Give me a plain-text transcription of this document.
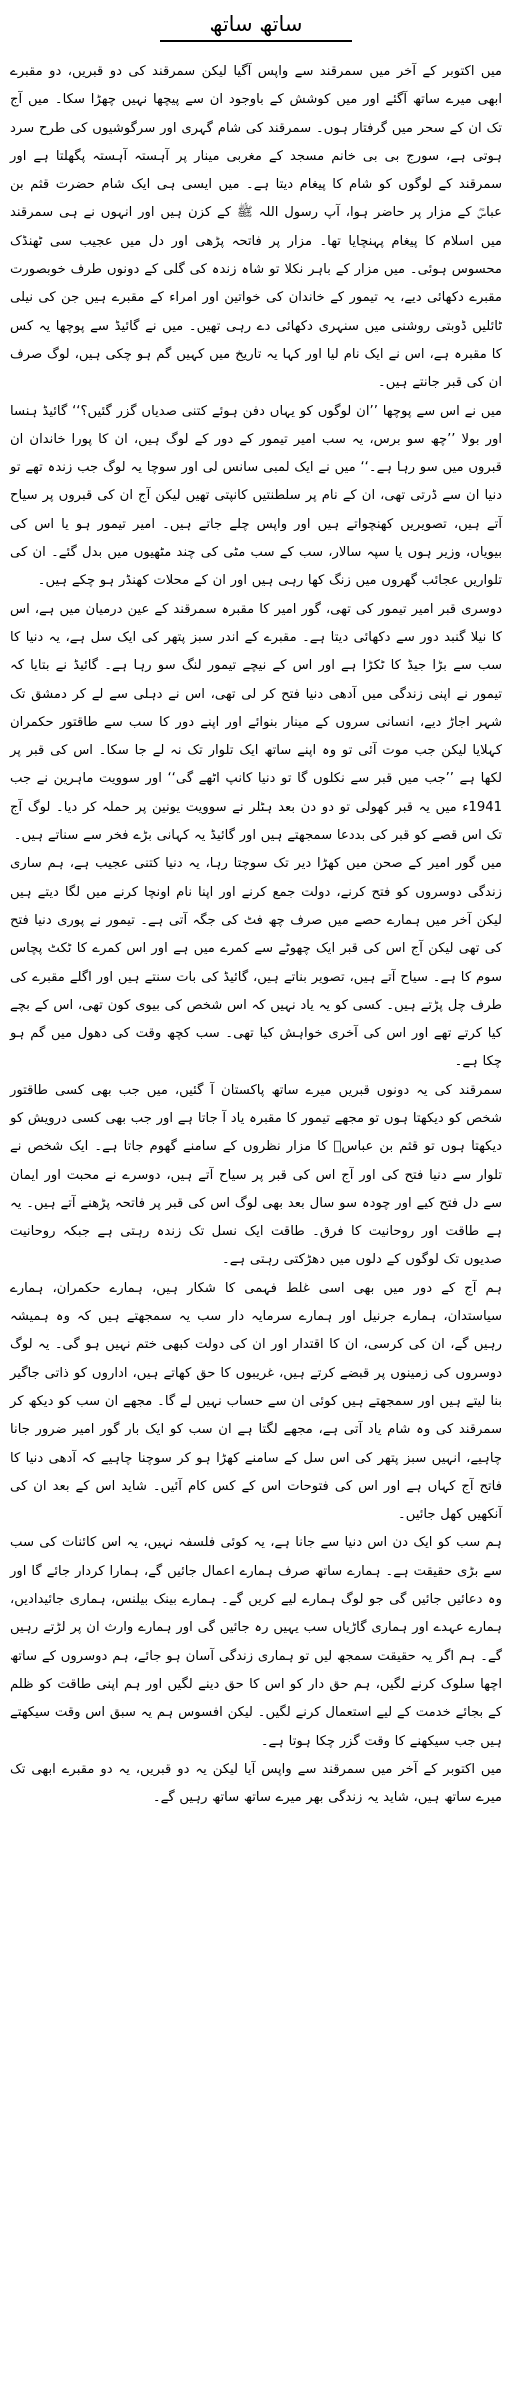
ساتھ ساتھ

میں اکتوبر کے آخر میں سمرقند سے واپس آگیا لیکن سمرقند کی دو قبریں، دو مقبرے ابھی میرے ساتھ آگئے اور میں کوشش کے باوجود ان سے پیچھا نہیں چھڑا سکا۔ میں آج تک ان کے سحر میں گرفتار ہوں۔ سمرقند کی شام گہری اور سرگوشیوں کی طرح سرد ہوتی ہے، سورج بی بی خانم مسجد کے مغربی مینار پر آہستہ آہستہ پگھلتا ہے اور سمرقند کے لوگوں کو شام کا پیغام دیتا ہے۔ میں ایسی ہی ایک شام حضرت قثم بن عباسؓ کے مزار پر حاضر ہوا، آپ رسول اللہ ﷺ کے کزن ہیں اور انہوں نے ہی سمرقند میں اسلام کا پیغام پہنچایا تھا۔ مزار پر فاتحہ پڑھی اور دل میں عجیب سی ٹھنڈک محسوس ہوئی۔ میں مزار کے باہر نکلا تو شاہ زندہ کی گلی کے دونوں طرف خوبصورت مقبرے دکھائی دیے، یہ تیمور کے خاندان کی خواتین اور امراء کے مقبرے ہیں جن کی نیلی ٹائلیں ڈوبتی روشنی میں سنہری دکھائی دے رہی تھیں۔ میں نے گائیڈ سے پوچھا یہ کس کا مقبرہ ہے، اس نے ایک نام لیا اور کہا یہ تاریخ میں کہیں گم ہو چکی ہیں، لوگ صرف ان کی قبر جانتے ہیں۔

میں نے اس سے پوچھا ’’ان لوگوں کو یہاں دفن ہوئے کتنی صدیاں گزر گئیں؟‘‘ گائیڈ ہنسا اور بولا ’’چھ سو برس، یہ سب امیر تیمور کے دور کے لوگ ہیں، ان کا پورا خاندان ان قبروں میں سو رہا ہے۔‘‘ میں نے ایک لمبی سانس لی اور سوچا یہ لوگ جب زندہ تھے تو دنیا ان سے ڈرتی تھی، ان کے نام پر سلطنتیں کانپتی تھیں لیکن آج ان کی قبروں پر سیاح آتے ہیں، تصویریں کھنچواتے ہیں اور واپس چلے جاتے ہیں۔ امیر تیمور ہو یا اس کی بیویاں، وزیر ہوں یا سپہ سالار، سب کے سب مٹی کی چند مٹھیوں میں بدل گئے۔ ان کی تلواریں عجائب گھروں میں زنگ کھا رہی ہیں اور ان کے محلات کھنڈر ہو چکے ہیں۔

دوسری قبر امیر تیمور کی تھی، گور امیر کا مقبرہ سمرقند کے عین درمیان میں ہے، اس کا نیلا گنبد دور سے دکھائی دیتا ہے۔ مقبرے کے اندر سبز پتھر کی ایک سل ہے، یہ دنیا کا سب سے بڑا جیڈ کا ٹکڑا ہے اور اس کے نیچے تیمور لنگ سو رہا ہے۔ گائیڈ نے بتایا کہ تیمور نے اپنی زندگی میں آدھی دنیا فتح کر لی تھی، اس نے دہلی سے لے کر دمشق تک شہر اجاڑ دیے، انسانی سروں کے مینار بنوائے اور اپنے دور کا سب سے طاقتور حکمران کہلایا لیکن جب موت آئی تو وہ اپنے ساتھ ایک تلوار تک نہ لے جا سکا۔ اس کی قبر پر لکھا ہے ’’جب میں قبر سے نکلوں گا تو دنیا کانپ اٹھے گی‘‘ اور سوویت ماہرین نے جب 1941ء میں یہ قبر کھولی تو دو دن بعد ہٹلر نے سوویت یونین پر حملہ کر دیا۔ لوگ آج تک اس قصے کو قبر کی بددعا سمجھتے ہیں اور گائیڈ یہ کہانی بڑے فخر سے سناتے ہیں۔

میں گور امیر کے صحن میں کھڑا دیر تک سوچتا رہا، یہ دنیا کتنی عجیب ہے، ہم ساری زندگی دوسروں کو فتح کرنے، دولت جمع کرنے اور اپنا نام اونچا کرنے میں لگا دیتے ہیں لیکن آخر میں ہمارے حصے میں صرف چھ فٹ کی جگہ آتی ہے۔ تیمور نے پوری دنیا فتح کی تھی لیکن آج اس کی قبر ایک چھوٹے سے کمرے میں ہے اور اس کمرے کا ٹکٹ پچاس سوم کا ہے۔ سیاح آتے ہیں، تصویر بناتے ہیں، گائیڈ کی بات سنتے ہیں اور اگلے مقبرے کی طرف چل پڑتے ہیں۔ کسی کو یہ یاد نہیں کہ اس شخص کی بیوی کون تھی، اس کے بچے کیا کرتے تھے اور اس کی آخری خواہش کیا تھی۔ سب کچھ وقت کی دھول میں گم ہو چکا ہے۔

سمرقند کی یہ دونوں قبریں میرے ساتھ پاکستان آ گئیں، میں جب بھی کسی طاقتور شخص کو دیکھتا ہوں تو مجھے تیمور کا مقبرہ یاد آ جاتا ہے اور جب بھی کسی درویش کو دیکھتا ہوں تو قثم بن عباسؓ کا مزار نظروں کے سامنے گھوم جاتا ہے۔ ایک شخص نے تلوار سے دنیا فتح کی اور آج اس کی قبر پر سیاح آتے ہیں، دوسرے نے محبت اور ایمان سے دل فتح کیے اور چودہ سو سال بعد بھی لوگ اس کی قبر پر فاتحہ پڑھنے آتے ہیں۔ یہ ہے طاقت اور روحانیت کا فرق۔ طاقت ایک نسل تک زندہ رہتی ہے جبکہ روحانیت صدیوں تک لوگوں کے دلوں میں دھڑکتی رہتی ہے۔

ہم آج کے دور میں بھی اسی غلط فہمی کا شکار ہیں، ہمارے حکمران، ہمارے سیاستدان، ہمارے جرنیل اور ہمارے سرمایہ دار سب یہ سمجھتے ہیں کہ وہ ہمیشہ رہیں گے، ان کی کرسی، ان کا اقتدار اور ان کی دولت کبھی ختم نہیں ہو گی۔ یہ لوگ دوسروں کی زمینوں پر قبضے کرتے ہیں، غریبوں کا حق کھاتے ہیں، اداروں کو ذاتی جاگیر بنا لیتے ہیں اور سمجھتے ہیں کوئی ان سے حساب نہیں لے گا۔ مجھے ان سب کو دیکھ کر سمرقند کی وہ شام یاد آتی ہے، مجھے لگتا ہے ان سب کو ایک بار گور امیر ضرور جانا چاہیے، انہیں سبز پتھر کی اس سل کے سامنے کھڑا ہو کر سوچنا چاہیے کہ آدھی دنیا کا فاتح آج کہاں ہے اور اس کی فتوحات اس کے کس کام آئیں۔ شاید اس کے بعد ان کی آنکھیں کھل جائیں۔

ہم سب کو ایک دن اس دنیا سے جانا ہے، یہ کوئی فلسفہ نہیں، یہ اس کائنات کی سب سے بڑی حقیقت ہے۔ ہمارے ساتھ صرف ہمارے اعمال جائیں گے، ہمارا کردار جائے گا اور وہ دعائیں جائیں گی جو لوگ ہمارے لیے کریں گے۔ ہمارے بینک بیلنس، ہماری جائیدادیں، ہمارے عہدے اور ہماری گاڑیاں سب یہیں رہ جائیں گی اور ہمارے وارث ان پر لڑتے رہیں گے۔ ہم اگر یہ حقیقت سمجھ لیں تو ہماری زندگی آسان ہو جائے، ہم دوسروں کے ساتھ اچھا سلوک کرنے لگیں، ہم حق دار کو اس کا حق دینے لگیں اور ہم اپنی طاقت کو ظلم کے بجائے خدمت کے لیے استعمال کرنے لگیں۔ لیکن افسوس ہم یہ سبق اس وقت سیکھتے ہیں جب سیکھنے کا وقت گزر چکا ہوتا ہے۔

میں اکتوبر کے آخر میں سمرقند سے واپس آیا لیکن یہ دو قبریں، یہ دو مقبرے ابھی تک میرے ساتھ ہیں، شاید یہ زندگی بھر میرے ساتھ ساتھ رہیں گے۔
